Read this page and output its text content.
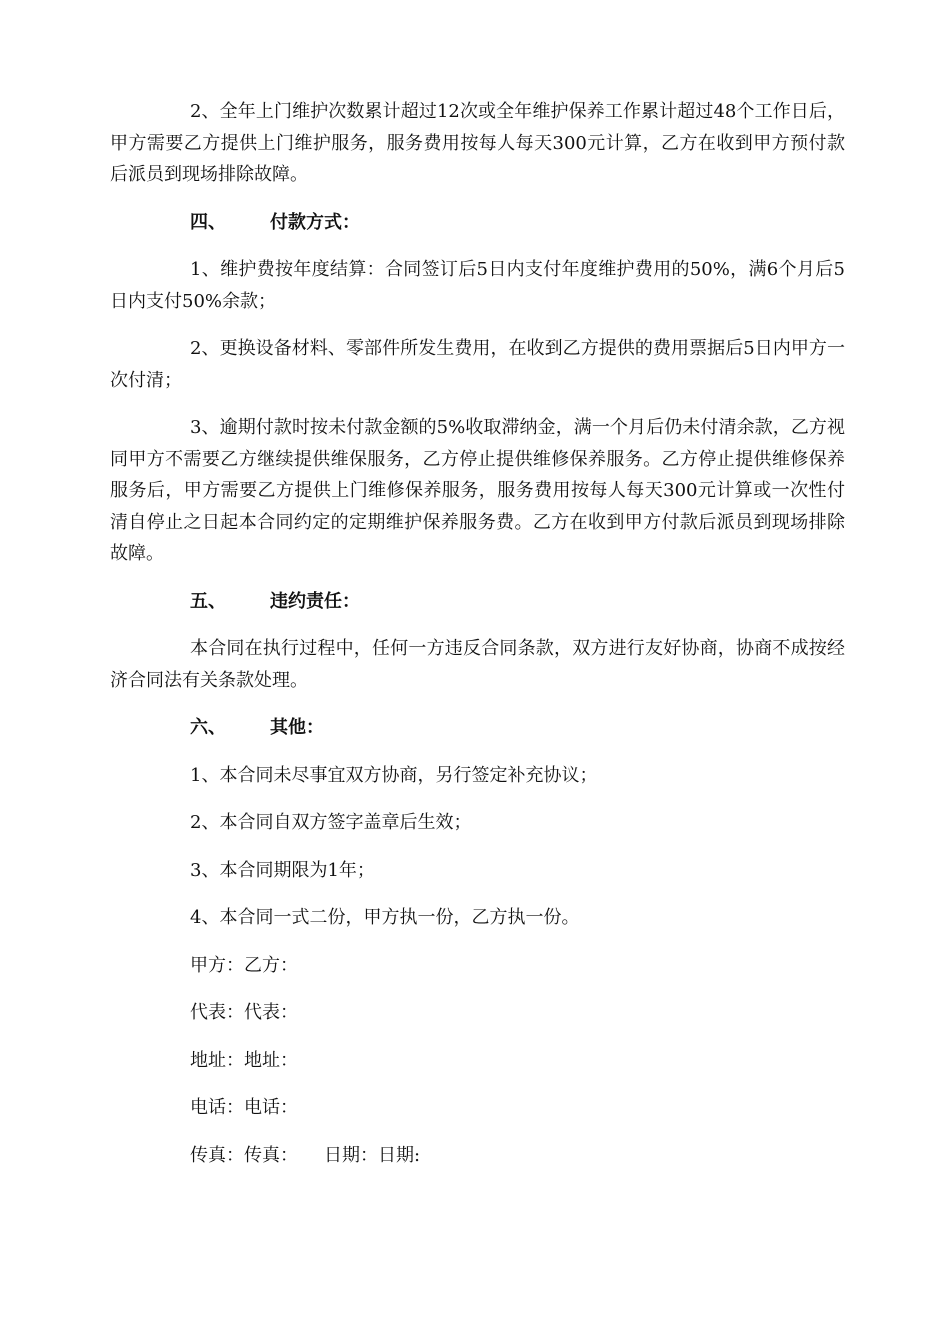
2、全年上门维护次数累计超过12次或全年维护保养工作累计超过48个工作日后，甲方需要乙方提供上门维护服务，服务费用按每人每天300元计算，乙方在收到甲方预付款后派员到现场排除故障。

四、	付款方式：

1、维护费按年度结算：合同签订后5日内支付年度维护费用的50%，满6个月后5日内支付50%余款；

2、更换设备材料、零部件所发生费用，在收到乙方提供的费用票据后5日内甲方一次付清；

3、逾期付款时按未付款金额的5%收取滞纳金，满一个月后仍未付清余款，乙方视同甲方不需要乙方继续提供维保服务，乙方停止提供维修保养服务。乙方停止提供维修保养服务后，甲方需要乙方提供上门维修保养服务，服务费用按每人每天300元计算或一次性付清自停止之日起本合同约定的定期维护保养服务费。乙方在收到甲方付款后派员到现场排除故障。

五、	违约责任：

本合同在执行过程中，任何一方违反合同条款，双方进行友好协商，协商不成按经济合同法有关条款处理。

六、	其他：

1、本合同未尽事宜双方协商，另行签定补充协议；

2、本合同自双方签字盖章后生效；

3、本合同期限为1年；

4、本合同一式二份，甲方执一份，乙方执一份。

甲方：乙方：
代表：代表：
地址：地址：
电话：电话：
传真：传真： 日期：日期:
